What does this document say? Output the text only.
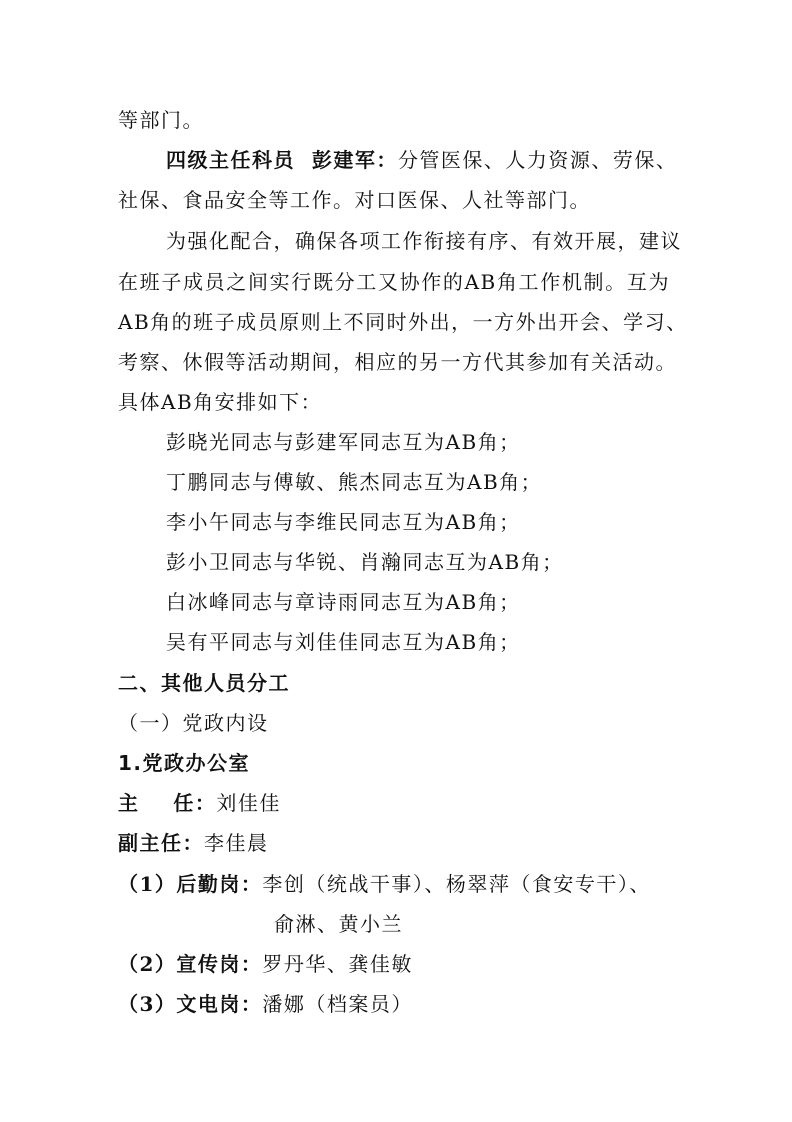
等部门。
四级主任科员  彭建军：分管医保、人力资源、劳保、
社保、食品安全等工作。对口医保、人社等部门。
为强化配合，确保各项工作衔接有序、有效开展，建议
在班子成员之间实行既分工又协作的AB角工作机制。互为
AB角的班子成员原则上不同时外出，一方外出开会、学习、
考察、休假等活动期间，相应的另一方代其参加有关活动。
具体AB角安排如下：
彭晓光同志与彭建军同志互为AB角；
丁鹏同志与傅敏、熊杰同志互为AB角；
李小午同志与李维民同志互为AB角；
彭小卫同志与华锐、肖瀚同志互为AB角；
白冰峰同志与章诗雨同志互为AB角；
吴有平同志与刘佳佳同志互为AB角；
二、其他人员分工
（一）党政内设
1.党政办公室
主    任：刘佳佳
副主任：李佳晨
（1）后勤岗：李创（统战干事）、杨翠萍（食安专干）、
俞淋、黄小兰
（2）宣传岗：罗丹华、龚佳敏
（3）文电岗：潘娜（档案员）
